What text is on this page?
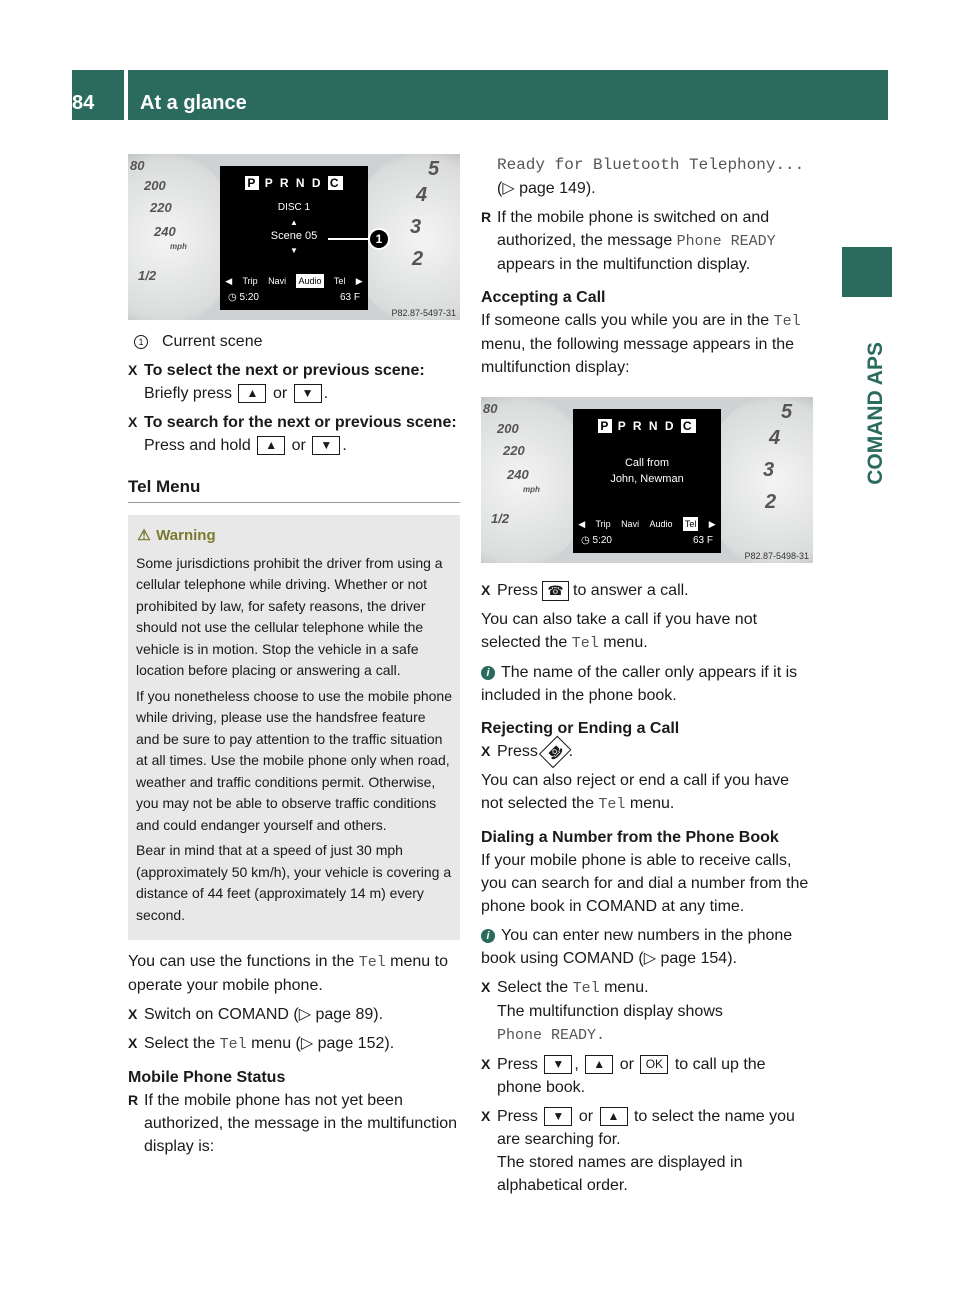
84	At a glance
COMAND APS
80
200
220
240
mph
1/2
5
4
3
2
P P R N D C
DISC 1
▲
Scene 05
▼
◀ Trip Navi Audio Tel ▶
◷ 5:20	63 F
1
P82.87-5497-31

1 Current scene

X To select the next or previous scene:
Briefly press ▲ or ▼ .

X To search for the next or previous scene: Press and hold ▲ or ▼ .

Tel Menu

⚠ Warning

Some jurisdictions prohibit the driver from using a cellular telephone while driving. Whether or not prohibited by law, for safety reasons, the driver should not use the cellular telephone while the vehicle is in motion. Stop the vehicle in a safe location before placing or answering a call.

If you nonetheless choose to use the mobile phone while driving, please use the handsfree feature and be sure to pay attention to the traffic situation at all times. Use the mobile phone only when road, weather and traffic conditions permit. Otherwise, you may not be able to observe traffic conditions and could endanger yourself and others.

Bear in mind that at a speed of just 30 mph (approximately 50 km/h), your vehicle is covering a distance of 44 feet (approximately 14 m) every second.

You can use the functions in the Tel menu to operate your mobile phone.

X Switch on COMAND (▷ page 89).

X Select the Tel menu (▷ page 152).

Mobile Phone Status

R If the mobile phone has not yet been authorized, the message in the multifunction display is:

Ready for Bluetooth Telephony...

(▷ page 149).

R If the mobile phone is switched on and authorized, the message Phone READY appears in the multifunction display.

Accepting a Call

If someone calls you while you are in the Tel menu, the following message appears in the multifunction display:

80
200
220
240
mph
1/2
5
4
3
2
P P R N D C
Call from
John, Newman
◀ Trip Navi Audio Tel ▶
◷ 5:20	63 F
P82.87-5498-31

X Press ☎ to answer a call.

You can also take a call if you have not selected the Tel menu.

i The name of the caller only appears if it is included in the phone book.

Rejecting or Ending a Call

X Press ☎ .

You can also reject or end a call if you have not selected the Tel menu.

Dialing a Number from the Phone Book

If your mobile phone is able to receive calls, you can search for and dial a number from the phone book in COMAND at any time.

i You can enter new numbers in the phone book using COMAND (▷ page 154).

X Select the Tel menu.
The multifunction display shows
Phone READY.

X Press ▼ , ▲ or OK to call up the phone book.

X Press ▼ or ▲ to select the name you are searching for.
The stored names are displayed in alphabetical order.
